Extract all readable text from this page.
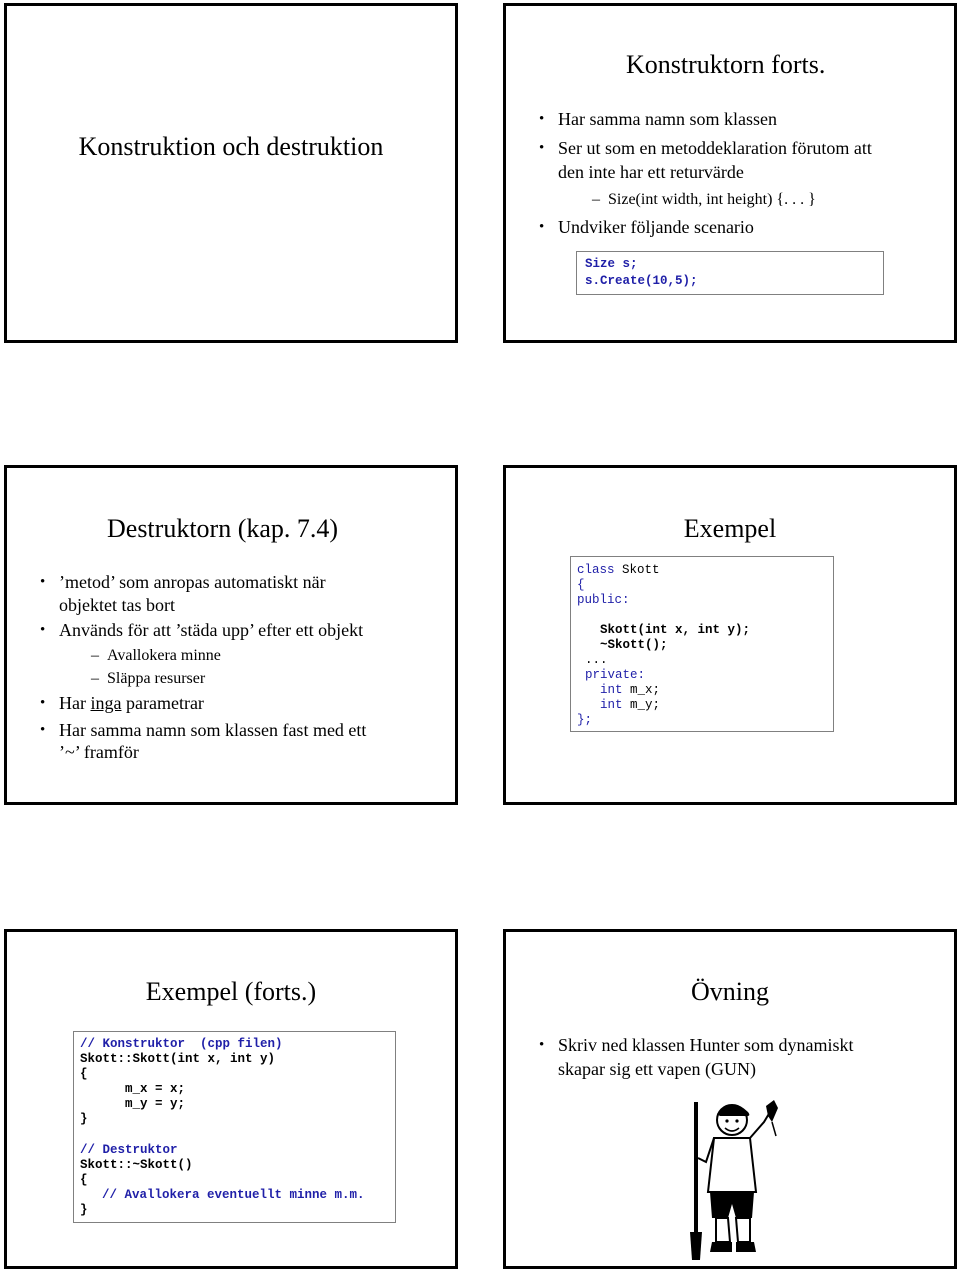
Konstruktion och destruktion
Konstruktorn forts.
• Har samma namn som klassen
• Ser ut som en metoddeklaration förutom att
den inte har ett returvärde
– Size(int width, int height) {. . . }
• Undviker följande scenario
Size s;
s.Create(10,5);
Destruktorn (kap. 7.4)
• ’metod’ som anropas automatiskt när
objektet tas bort
• Används för att ’städa upp’ efter ett objekt
– Avallokera minne
– Släppa resurser
• Har inga parametrar
• Har samma namn som klassen fast med ett
’~’ framför
Exempel
class Skott
{
public:
Skott(int x, int y);
~Skott();
...
private:
int m_x;
int m_y;
};
Exempel (forts.)
// Konstruktor  (cpp filen)
Skott::Skott(int x, int y)
{
m_x = x;
m_y = y;
}
// Destruktor
Skott::~Skott()
{
// Avallokera eventuellt minne m.m.
}
Övning
• Skriv ned klassen Hunter som dynamiskt
skapar sig ett vapen (GUN)
